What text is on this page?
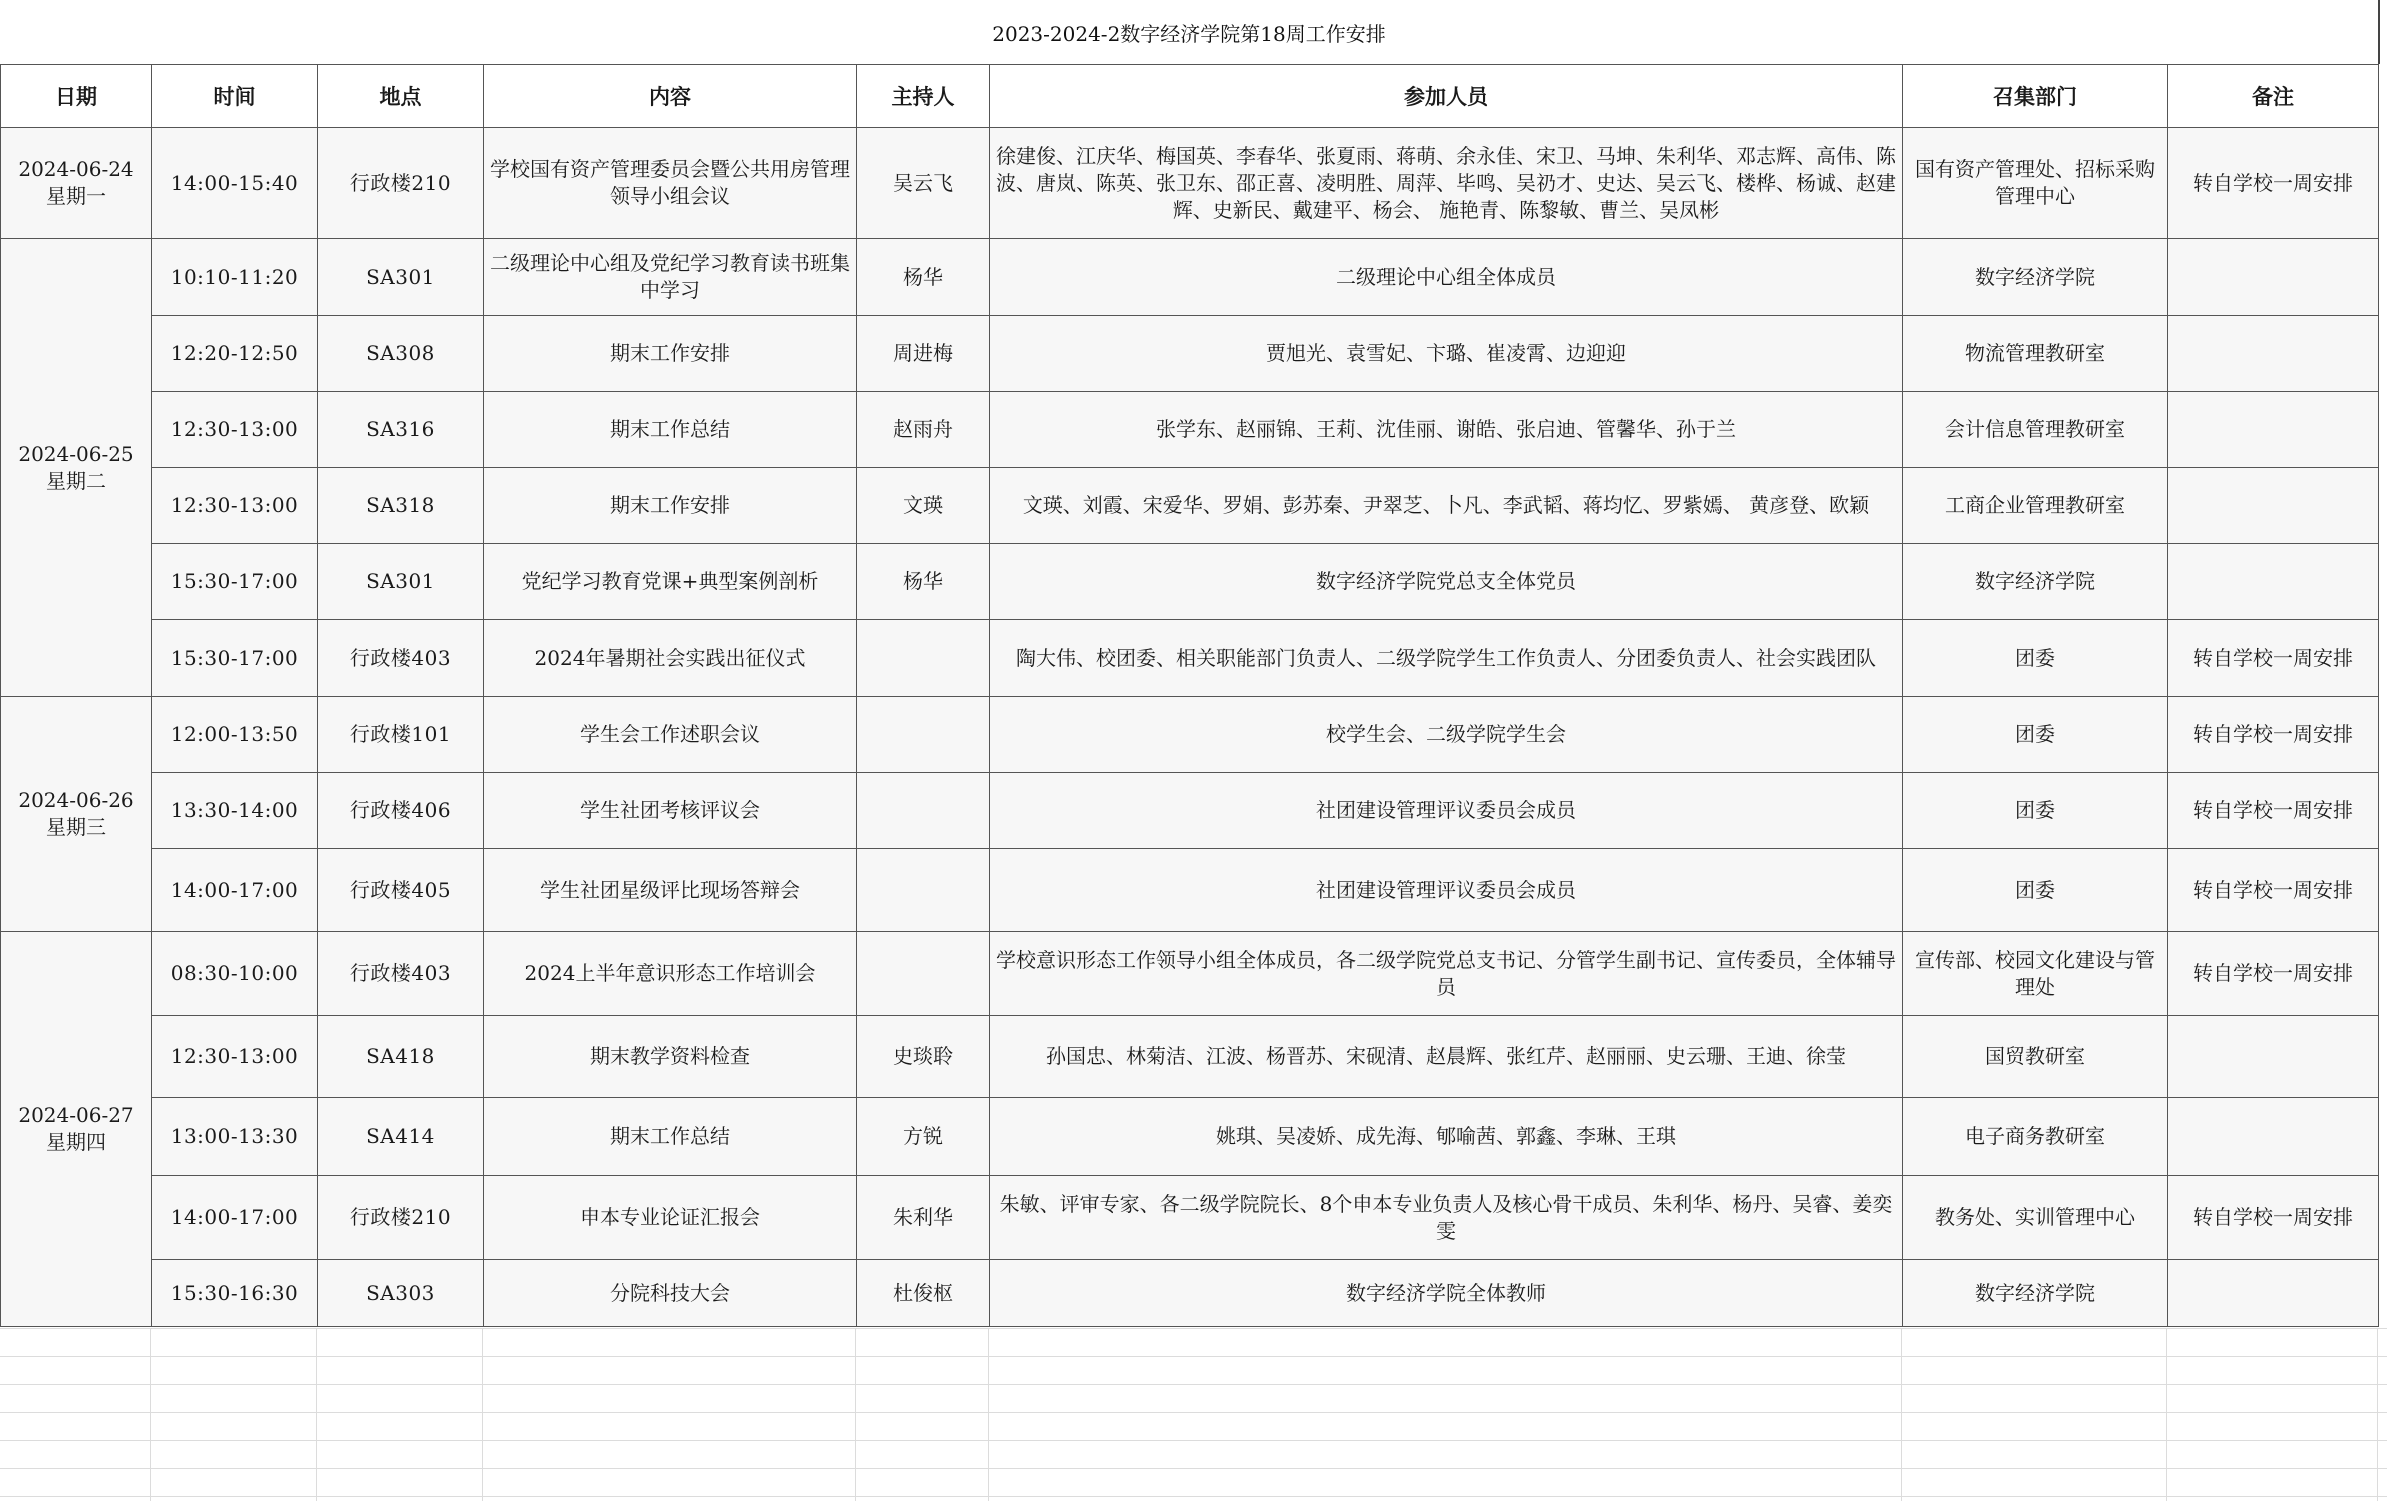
2023-2024-2数字经济学院第18周工作安排
日期	时间	地点	内容	主持人	参加人员	召集部门	备注

2024-06-24
星期一	14:00-15:40	行政楼210	学校国有资产管理委员会暨公共用房管理领导小组会议	吴云飞	徐建俊、江庆华、梅国英、李春华、张夏雨、蒋萌、余永佳、宋卫、马坤、朱利华、邓志辉、高伟、陈波、唐岚、陈英、张卫东、邵正喜、凌明胜、周萍、毕鸣、吴礽才、史达、吴云飞、楼桦、杨诚、赵建辉、史新民、戴建平、杨会、 施艳青、陈黎敏、曹兰、吴凤彬	国有资产管理处、招标采购管理中心	转自学校一周安排

2024-06-25
星期二	10:10-11:20	SA301	二级理论中心组及党纪学习教育读书班集中学习	杨华	二级理论中心组全体成员	数字经济学院	
	12:20-12:50	SA308	期末工作安排	周进梅	贾旭光、袁雪妃、卞璐、崔凌霄、边迎迎	物流管理教研室	
	12:30-13:00	SA316	期末工作总结	赵雨舟	张学东、赵丽锦、王莉、沈佳丽、谢皓、张启迪、管馨华、孙于兰	会计信息管理教研室	
	12:30-13:00	SA318	期末工作安排	文瑛	文瑛、刘霞、宋爱华、罗娟、彭苏秦、尹翠芝、卜凡、李武韬、蒋均忆、罗紫嫣、 黄彦登、欧颖	工商企业管理教研室	
	15:30-17:00	SA301	党纪学习教育党课+典型案例剖析	杨华	数字经济学院党总支全体党员	数字经济学院	
	15:30-17:00	行政楼403	2024年暑期社会实践出征仪式		陶大伟、校团委、相关职能部门负责人、二级学院学生工作负责人、分团委负责人、社会实践团队	团委	转自学校一周安排

2024-06-26
星期三	12:00-13:50	行政楼101	学生会工作述职会议		校学生会、二级学院学生会	团委	转自学校一周安排
	13:30-14:00	行政楼406	学生社团考核评议会		社团建设管理评议委员会成员	团委	转自学校一周安排
	14:00-17:00	行政楼405	学生社团星级评比现场答辩会		社团建设管理评议委员会成员	团委	转自学校一周安排

2024-06-27
星期四	08:30-10:00	行政楼403	2024上半年意识形态工作培训会		学校意识形态工作领导小组全体成员，各二级学院党总支书记、分管学生副书记、宣传委员，全体辅导员	宣传部、校园文化建设与管理处	转自学校一周安排
	12:30-13:00	SA418	期末教学资料检查	史琰聆	孙国忠、林菊洁、江波、杨晋苏、宋砚清、赵晨辉、张红芹、赵丽丽、史云珊、王迪、徐莹	国贸教研室	
	13:00-13:30	SA414	期末工作总结	方锐	姚琪、吴凌娇、成先海、郇喻茜、郭鑫、李琳、王琪	电子商务教研室	
	14:00-17:00	行政楼210	申本专业论证汇报会	朱利华	朱敏、评审专家、各二级学院院长、8个申本专业负责人及核心骨干成员、朱利华、杨丹、吴睿、姜奕雯	教务处、实训管理中心	转自学校一周安排
	15:30-16:30	SA303	分院科技大会	杜俊枢	数字经济学院全体教师	数字经济学院	
